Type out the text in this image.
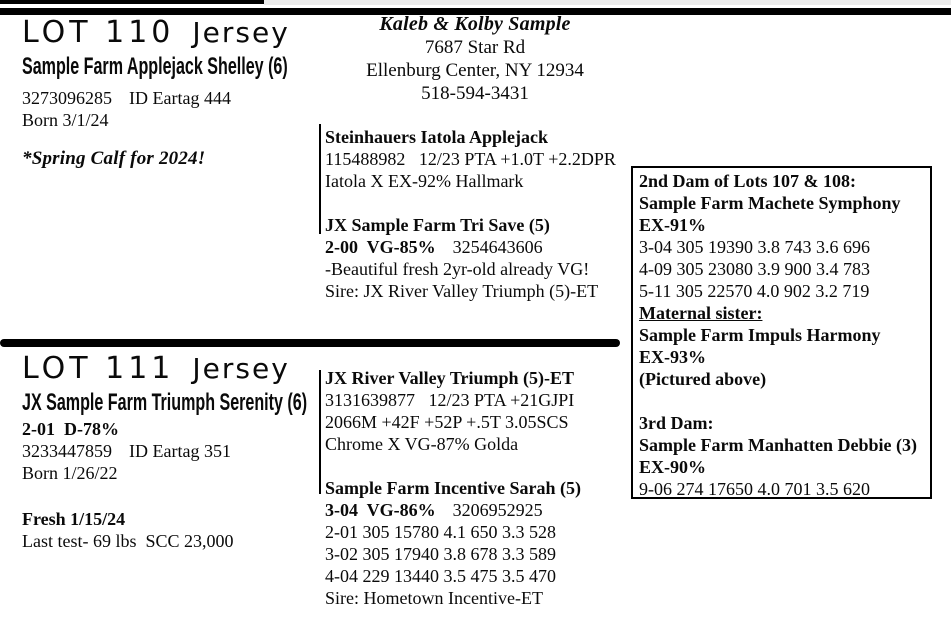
LOT 110 Jersey
Sample Farm Applejack Shelley (6)
3273096285 ID Eartag 444
Born 3/1/24
*Spring Calf for 2024!
Kaleb & Kolby Sample
7687 Star Rd
Ellenburg Center, NY 12934
518-594-3431
Steinhauers Iatola Applejack
115488982   12/23 PTA +1.0T +2.2DPR
Iatola X EX-92% Hallmark
JX Sample Farm Tri Save (5)
2-00  VG-85% 3254643606
-Beautiful fresh 2yr-old already VG!
Sire: JX River Valley Triumph (5)-ET
2nd Dam of Lots 107 & 108:
Sample Farm Machete Symphony
EX-91%
3-04 305 19390 3.8 743 3.6 696
4-09 305 23080 3.9 900 3.4 783
5-11 305 22570 4.0 902 3.2 719
Maternal sister:
Sample Farm Impuls Harmony
EX-93%
(Pictured above)
3rd Dam:
Sample Farm Manhatten Debbie (3)
EX-90%
9-06 274 17650 4.0 701 3.5 620
LOT 111 Jersey
JX Sample Farm Triumph Serenity (6)
2-01  D-78%
3233447859 ID Eartag 351
Born 1/26/22
Fresh 1/15/24
Last test- 69 lbs  SCC 23,000
JX River Valley Triumph (5)-ET
3131639877   12/23 PTA +21GJPI
2066M +42F +52P +.5T 3.05SCS
Chrome X VG-87% Golda
Sample Farm Incentive Sarah (5)
3-04  VG-86% 3206952925
2-01 305 15780 4.1 650 3.3 528
3-02 305 17940 3.8 678 3.3 589
4-04 229 13440 3.5 475 3.5 470
Sire: Hometown Incentive-ET
